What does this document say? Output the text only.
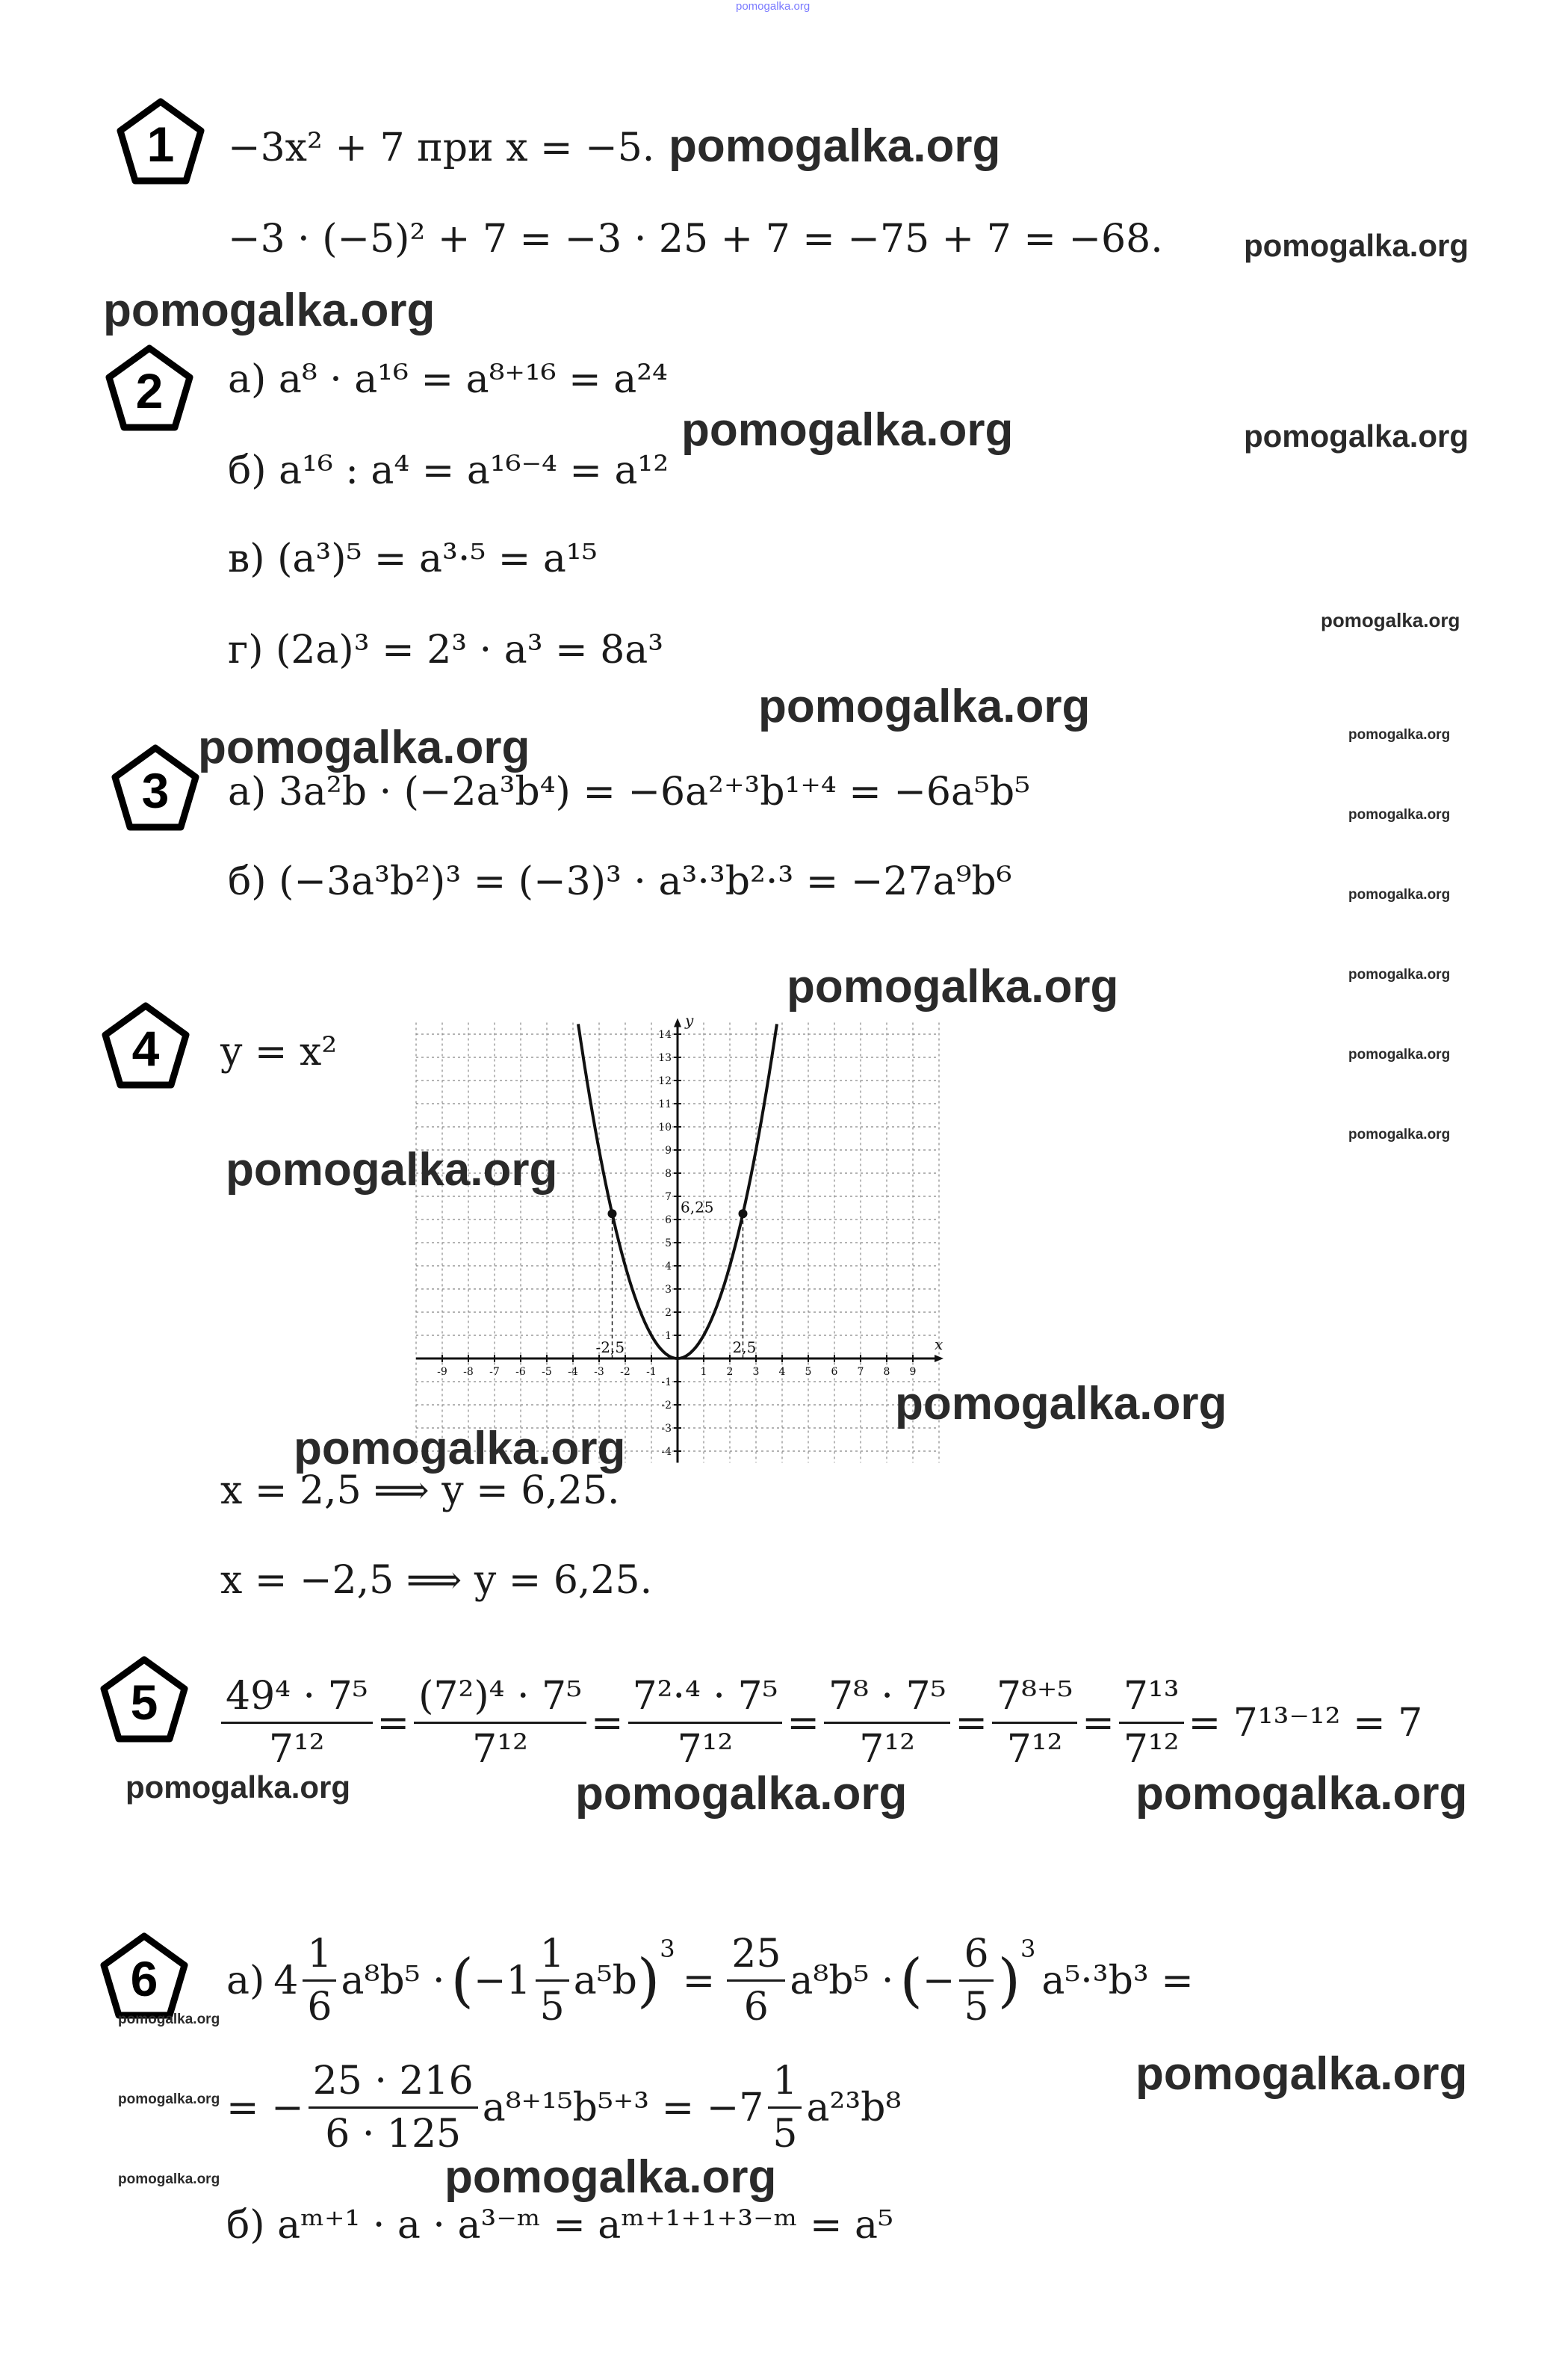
pomogalka.org
1
2
3
4
5
6
−3x² + 7 при x = −5.
−3 · (−5)² + 7 = −3 · 25 + 7 = −75 + 7 = −68.
а) a⁸ · a¹⁶ = a⁸⁺¹⁶ = a²⁴
б) a¹⁶ : a⁴ = a¹⁶⁻⁴ = a¹²
в) (a³)⁵ = a³·⁵ = a¹⁵
г) (2a)³ = 2³ · a³ = 8a³
а) 3a²b · (−2a³b⁴) = −6a²⁺³b¹⁺⁴ = −6a⁵b⁵
б) (−3a³b²)³ = (−3)³ · a³·³b²·³ = −27a⁹b⁶
y = x²
-9 -8 -7 -6 -5 -4 -3 -2 -1	1 2 3 4 5 6 7 8 9
-4
-3
-2
-1
1
2
3
4
5
6
7
8
9
10
11
12
13
14
6,25
-2,5	2,5	x
y
x = 2,5 ⟹ y = 6,25.
x = −2,5 ⟹ y = 6,25.
$\frac{\text{49⁴ · 7⁵}}{\text{7¹²}} = \frac{\text{(7²)⁴ · 7⁵}}{\text{7¹²}} = \frac{\text{7²·⁴ · 7⁵}}{\text{7¹²}} = \frac{\text{7⁸ · 7⁵}}{\text{7¹²}} = \frac{\text{7⁸⁺⁵}}{\text{7¹²}} = \frac{\text{7¹³}}{\text{7¹²}} = 7^{13-12} = 7$
а) $4 \frac{1}{6} a^8b^5$ · ( $-1 \frac{1}{5} a^5b$ ) 3
= $\frac{25}{6} a^8b^5$ · ( − $\frac{6}{5}$ ) 3
a⁵·³b³ =
= − $\frac{25 \cdot 216}{6 \cdot 125} a^{8+15}b^{5+3} = -7 \frac{1}{5} a^{23}b^8$
б) aᵐ⁺¹ · a · a³⁻ᵐ = aᵐ⁺¹⁺¹⁺³⁻ᵐ = a⁵
pomogalka.org
pomogalka.org
pomogalka.org
pomogalka.org	pomogalka.org
pomogalka.org
pomogalka.org
pomogalka.org	pomogalka.org
pomogalka.org
pomogalka.org
pomogalka.org
pomogalka.org
pomogalka.org
pomogalka.org
pomogalka.org
pomogalka.org
pomogalka.org
pomogalka.org	pomogalka.org	pomogalka.org
pomogalka.org
pomogalka.org
pomogalka.org
pomogalka.org	pomogalka.org
